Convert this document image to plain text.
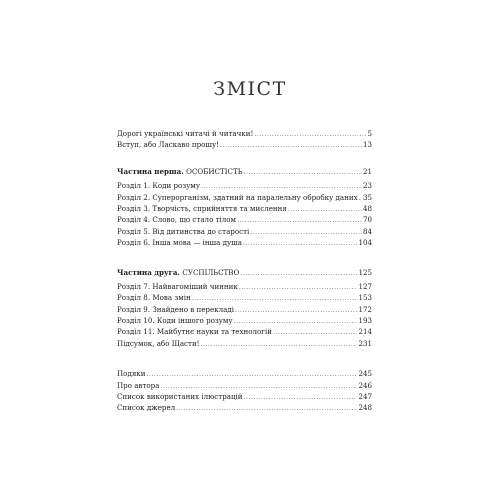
ЗМІСТ
Дорогі українські читачі й читачки! .....	5
Вступ, або Ласкаво прошу! .....	13
Частина перша. ОСОБИСТІСТЬ .....	21
Розділ 1. Коди розуму .....	23
Розділ 2. Суперорганізм, здатний на паралельну обробку даних ..... 35
Розділ 3. Творчість, сприйняття та мислення .....	48
Розділ 4. Слово, що стало тілом .....	70
Розділ 5. Від дитинства до старості .....	84
Розділ 6. Інша мова — інша душа .....	104
Частина друга. СУСПІЛЬСТВО .....	125
Розділ 7. Найвагоміший чинник .....	127
Розділ 8. Мова змін .....	153
Розділ 9. Знайдено в перекладі .....	172
Розділ 10. Коди іншого розуму .....	193
Розділ 11. Майбутнє науки та технологій .....	214
Підсумок, або Щасти! .....	231
Подяки .....	245
Про автора .....	246
Список використаних ілюстрацій .....	247
Список джерел .....	248
